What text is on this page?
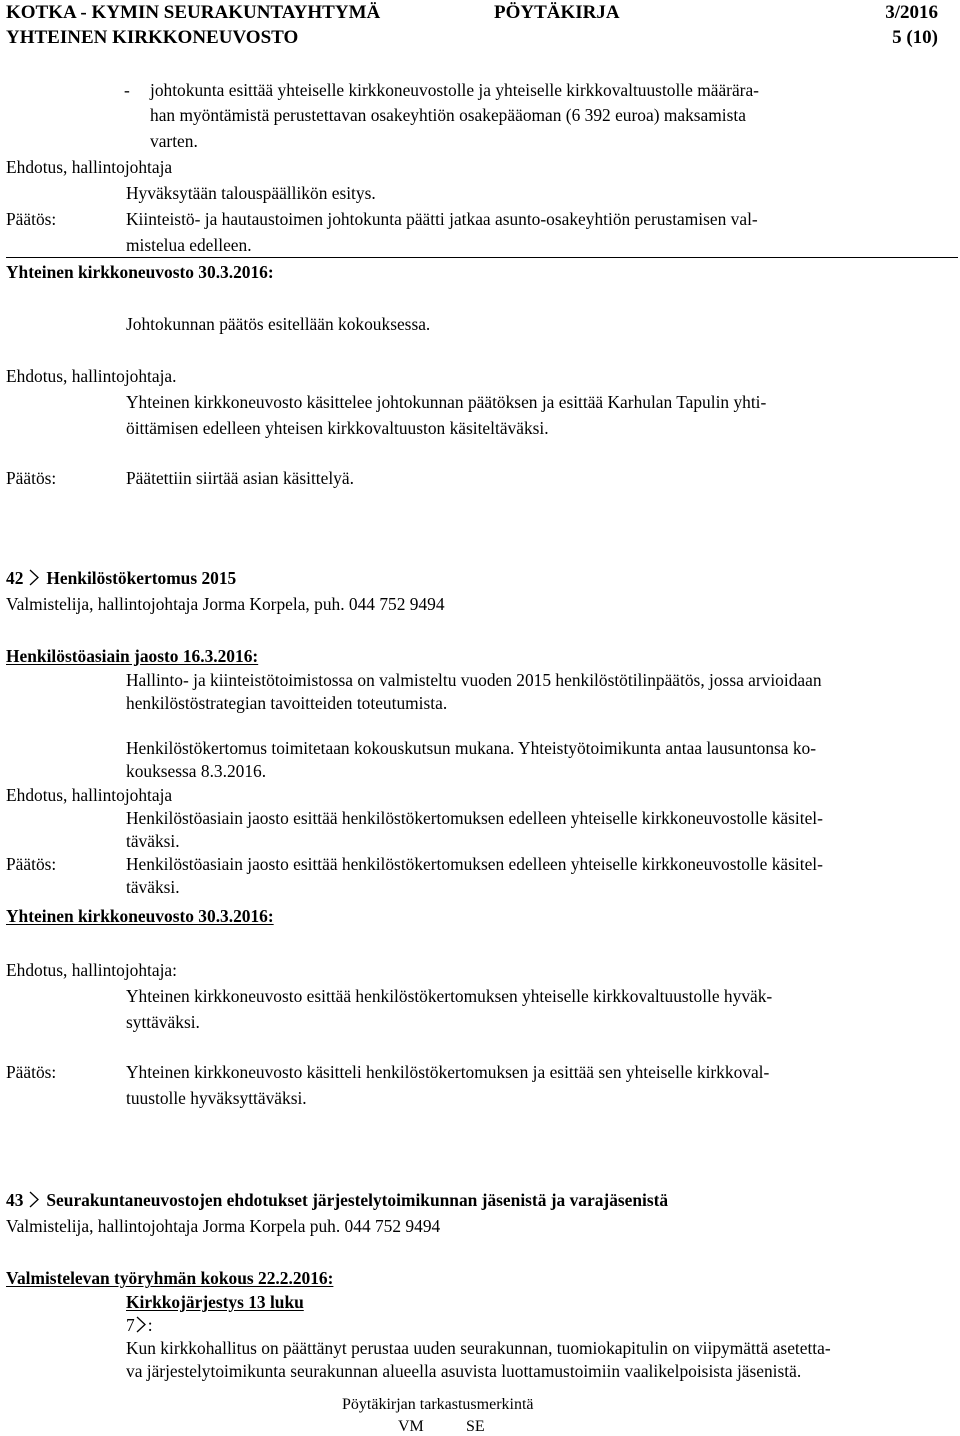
KOTKA - KYMIN SEURAKUNTAYHTYMÄ	PÖYTÄKIRJA	3/2016
YHTEINEN KIRKKONEUVOSTO	5 (10)
- johtokunta esittää yhteiselle kirkkoneuvostolle ja yhteiselle kirkkovaltuustolle määrära-
han myöntämistä perustettavan osakeyhtiön osakepääoman (6 392 euroa) maksamista
varten.
Ehdotus, hallintojohtaja
Hyväksytään talouspäällikön esitys.
Päätös:	Kiinteistö- ja hautaustoimen johtokunta päätti jatkaa asunto-osakeyhtiön perustamisen val-
mistelua edelleen.
Yhteinen kirkkoneuvosto 30.3.2016:
Johtokunnan päätös esitellään kokouksessa.
Ehdotus, hallintojohtaja.
Yhteinen kirkkoneuvosto käsittelee johtokunnan päätöksen ja esittää Karhulan Tapulin yhti-
öittämisen edelleen yhteisen kirkkovaltuuston käsiteltäväksi.
Päätös:	Päätettiin siirtää asian käsittelyä.
42 Henkilöstökertomus 2015
Valmistelija, hallintojohtaja Jorma Korpela, puh. 044 752 9494
Henkilöstöasiain jaosto 16.3.2016:
Hallinto- ja kiinteistötoimistossa on valmisteltu vuoden 2015 henkilöstötilinpäätös, jossa arvioidaan
henkilöstöstrategian tavoitteiden toteutumista.
Henkilöstökertomus toimitetaan kokouskutsun mukana. Yhteistyötoimikunta antaa lausuntonsa ko-
kouksessa 8.3.2016.
Ehdotus, hallintojohtaja
Henkilöstöasiain jaosto esittää henkilöstökertomuksen edelleen yhteiselle kirkkoneuvostolle käsitel-
täväksi.
Päätös:	Henkilöstöasiain jaosto esittää henkilöstökertomuksen edelleen yhteiselle kirkkoneuvostolle käsitel-
täväksi.
Yhteinen kirkkoneuvosto 30.3.2016:
Ehdotus, hallintojohtaja:
Yhteinen kirkkoneuvosto esittää henkilöstökertomuksen yhteiselle kirkkovaltuustolle hyväk-
syttäväksi.
Päätös:	Yhteinen kirkkoneuvosto käsitteli henkilöstökertomuksen ja esittää sen yhteiselle kirkkoval-
tuustolle hyväksyttäväksi.
43 Seurakuntaneuvostojen ehdotukset järjestelytoimikunnan jäsenistä ja varajäsenistä
Valmistelija, hallintojohtaja Jorma Korpela puh. 044 752 9494
Valmistelevan työryhmän kokous 22.2.2016:
Kirkkojärjestys 13 luku
7 :
Kun kirkkohallitus on päättänyt perustaa uuden seurakunnan, tuomiokapitulin on viipymättä asetetta-
va järjestelytoimikunta seurakunnan alueella asuvista luottamustoimiin vaalikelpoisista jäsenistä.
Pöytäkirjan tarkastusmerkintä
VM	SE
